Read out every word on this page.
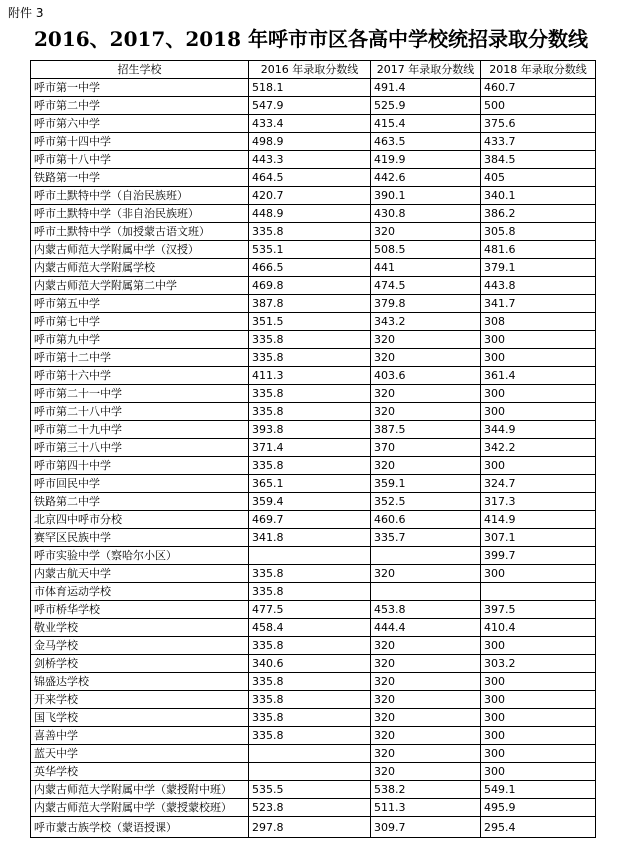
附件 3
2016、2017、2018 年呼市市区各高中学校统招录取分数线
招生学校	2016 年录取分数线	2017 年录取分数线	2018 年录取分数线
呼市第一中学	518.1	491.4	460.7
呼市第二中学	547.9	525.9	500
呼市第六中学	433.4	415.4	375.6
呼市第十四中学	498.9	463.5	433.7
呼市第十八中学	443.3	419.9	384.5
铁路第一中学	464.5	442.6	405
呼市土默特中学（自治民族班）	420.7	390.1	340.1
呼市土默特中学（非自治民族班）	448.9	430.8	386.2
呼市土默特中学（加授蒙古语文班）	335.8	320	305.8
内蒙古师范大学附属中学（汉授）	535.1	508.5	481.6
内蒙古师范大学附属学校	466.5	441	379.1
内蒙古师范大学附属第二中学	469.8	474.5	443.8
呼市第五中学	387.8	379.8	341.7
呼市第七中学	351.5	343.2	308
呼市第九中学	335.8	320	300
呼市第十二中学	335.8	320	300
呼市第十六中学	411.3	403.6	361.4
呼市第二十一中学	335.8	320	300
呼市第二十八中学	335.8	320	300
呼市第二十九中学	393.8	387.5	344.9
呼市第三十八中学	371.4	370	342.2
呼市第四十中学	335.8	320	300
呼市回民中学	365.1	359.1	324.7
铁路第二中学	359.4	352.5	317.3
北京四中呼市分校	469.7	460.6	414.9
赛罕区民族中学	341.8	335.7	307.1
呼市实验中学（察哈尔小区）			399.7
内蒙古航天中学	335.8	320	300
市体育运动学校	335.8		
呼市桥华学校	477.5	453.8	397.5
敬业学校	458.4	444.4	410.4
金马学校	335.8	320	300
剑桥学校	340.6	320	303.2
锦盛达学校	335.8	320	300
开来学校	335.8	320	300
国飞学校	335.8	320	300
喜善中学	335.8	320	300
蓝天中学		320	300
英华学校		320	300
内蒙古师范大学附属中学（蒙授附中班）	535.5	538.2	549.1
内蒙古师范大学附属中学（蒙授蒙校班）	523.8	511.3	495.9
呼市蒙古族学校（蒙语授课）	297.8	309.7	295.4
